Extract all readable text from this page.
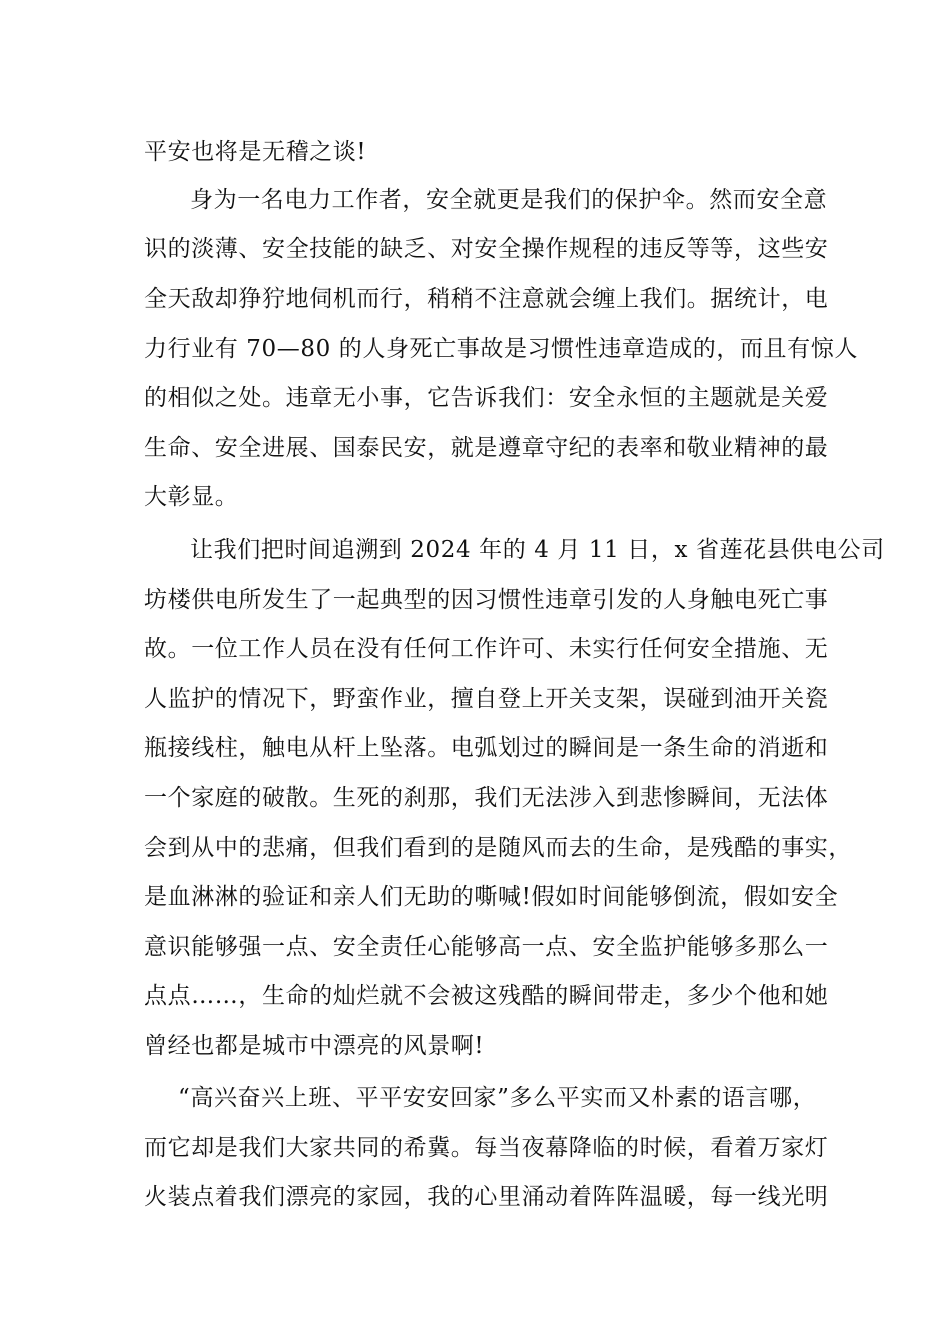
平安也将是无稽之谈!
身为一名电力工作者，安全就更是我们的保护伞。然而安全意
识的淡薄、安全技能的缺乏、对安全操作规程的违反等等，这些安
全天敌却狰狞地伺机而行，稍稍不注意就会缠上我们。据统计，电
力行业有 70—80 的人身死亡事故是习惯性违章造成的，而且有惊人
的相似之处。违章无小事，它告诉我们：安全永恒的主题就是关爱
生命、安全进展、国泰民安，就是遵章守纪的表率和敬业精神的最
大彰显。
让我们把时间追溯到 2024 年的 4 月 11 日，x 省莲花县供电公司
坊楼供电所发生了一起典型的因习惯性违章引发的人身触电死亡事
故。一位工作人员在没有任何工作许可、未实行任何安全措施、无
人监护的情况下，野蛮作业，擅自登上开关支架，误碰到油开关瓷
瓶接线柱，触电从杆上坠落。电弧划过的瞬间是一条生命的消逝和
一个家庭的破散。生死的刹那，我们无法涉入到悲惨瞬间，无法体
会到从中的悲痛，但我们看到的是随风而去的生命，是残酷的事实，
是血淋淋的验证和亲人们无助的嘶喊!假如时间能够倒流，假如安全
意识能够强一点、安全责任心能够高一点、安全监护能够多那么一
点点……，生命的灿烂就不会被这残酷的瞬间带走，多少个他和她
曾经也都是城市中漂亮的风景啊!
“高兴奋兴上班、平平安安回家”多么平实而又朴素的语言哪，
而它却是我们大家共同的希冀。每当夜幕降临的时候，看着万家灯
火装点着我们漂亮的家园，我的心里涌动着阵阵温暖，每一线光明
